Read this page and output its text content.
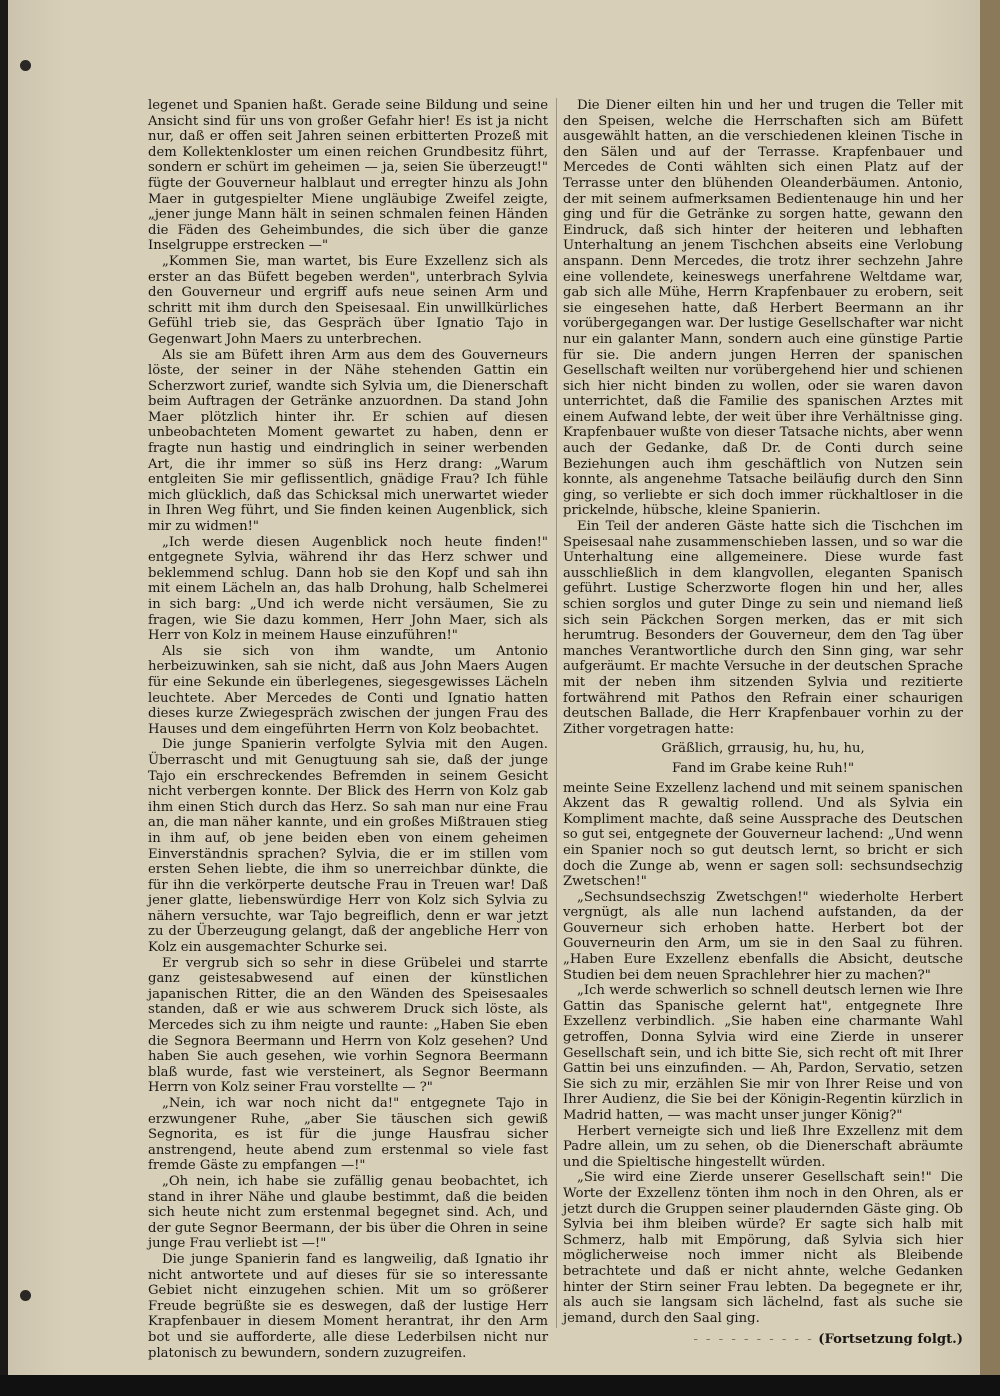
legenet und Spanien haßt. Gerade seine Bildung und seine Ansicht sind für uns von großer Gefahr hier! Es ist ja nicht nur, daß er offen seit Jahren seinen erbitterten Prozeß mit dem Kollektenkloster um einen reichen Grundbesitz führt, sondern er schürt im geheimen — ja, seien Sie überzeugt!" fügte der Gouverneur halblaut und erregter hinzu als John Maer in gutgespielter Miene ungläubige Zweifel zeigte, „jener junge Mann hält in seinen schmalen feinen Händen die Fäden des Geheimbundes, die sich über die ganze Inselgruppe erstrecken —"

„Kommen Sie, man wartet, bis Eure Exzellenz sich als erster an das Büfett begeben werden", unterbrach Sylvia den Gouverneur und ergriff aufs neue seinen Arm und schritt mit ihm durch den Speisesaal. Ein unwillkürliches Gefühl trieb sie, das Gespräch über Ignatio Tajo in Gegenwart John Maers zu unterbrechen.

Als sie am Büfett ihren Arm aus dem des Gouverneurs löste, der seiner in der Nähe stehenden Gattin ein Scherzwort zurief, wandte sich Sylvia um, die Dienerschaft beim Auftragen der Getränke anzuordnen. Da stand John Maer plötzlich hinter ihr. Er schien auf diesen unbeobachteten Moment gewartet zu haben, denn er fragte nun hastig und eindringlich in seiner werbenden Art, die ihr immer so süß ins Herz drang: „Warum entgleiten Sie mir geflissentlich, gnädige Frau? Ich fühle mich glücklich, daß das Schicksal mich unerwartet wieder in Ihren Weg führt, und Sie finden keinen Augenblick, sich mir zu widmen!"

„Ich werde diesen Augenblick noch heute finden!" entgegnete Sylvia, während ihr das Herz schwer und beklemmend schlug. Dann hob sie den Kopf und sah ihn mit einem Lächeln an, das halb Drohung, halb Schelmerei in sich barg: „Und ich werde nicht versäumen, Sie zu fragen, wie Sie dazu kommen, Herr John Maer, sich als Herr von Kolz in meinem Hause einzuführen!"

Als sie sich von ihm wandte, um Antonio herbeizuwinken, sah sie nicht, daß aus John Maers Augen für eine Sekunde ein überlegenes, siegesgewisses Lächeln leuchtete. Aber Mercedes de Conti und Ignatio hatten dieses kurze Zwiegespräch zwischen der jungen Frau des Hauses und dem eingeführten Herrn von Kolz beobachtet.

Die junge Spanierin verfolgte Sylvia mit den Augen. Überrascht und mit Genugtuung sah sie, daß der junge Tajo ein erschreckendes Befremden in seinem Gesicht nicht verbergen konnte. Der Blick des Herrn von Kolz gab ihm einen Stich durch das Herz. So sah man nur eine Frau an, die man näher kannte, und ein großes Mißtrauen stieg in ihm auf, ob jene beiden eben von einem geheimen Einverständnis sprachen? Sylvia, die er im stillen vom ersten Sehen liebte, die ihm so unerreichbar dünkte, die für ihn die verkörperte deutsche Frau in Treuen war! Daß jener glatte, liebenswürdige Herr von Kolz sich Sylvia zu nähern versuchte, war Tajo begreiflich, denn er war jetzt zu der Überzeugung gelangt, daß der angebliche Herr von Kolz ein ausgemachter Schurke sei.

Er vergrub sich so sehr in diese Grübelei und starrte ganz geistesabwesend auf einen der künstlichen japanischen Ritter, die an den Wänden des Speisesaales standen, daß er wie aus schwerem Druck sich löste, als Mercedes sich zu ihm neigte und raunte: „Haben Sie eben die Segnora Beermann und Herrn von Kolz gesehen? Und haben Sie auch gesehen, wie vorhin Segnora Beermann blaß wurde, fast wie versteinert, als Segnor Beermann Herrn von Kolz seiner Frau vorstellte — ?"

„Nein, ich war noch nicht da!" entgegnete Tajo in erzwungener Ruhe, „aber Sie täuschen sich gewiß Segnorita, es ist für die junge Hausfrau sicher anstrengend, heute abend zum erstenmal so viele fast fremde Gäste zu empfangen —!"

„Oh nein, ich habe sie zufällig genau beobachtet, ich stand in ihrer Nähe und glaube bestimmt, daß die beiden sich heute nicht zum erstenmal begegnet sind. Ach, und der gute Segnor Beermann, der bis über die Ohren in seine junge Frau verliebt ist —!"

Die junge Spanierin fand es langweilig, daß Ignatio ihr nicht antwortete und auf dieses für sie so interessante Gebiet nicht einzugehen schien. Mit um so größerer Freude begrüßte sie es deswegen, daß der lustige Herr Krapfenbauer in diesem Moment herantrat, ihr den Arm bot und sie aufforderte, alle diese Lederbilsen nicht nur platonisch zu bewundern, sondern zuzugreifen.

Die Diener eilten hin und her und trugen die Teller mit den Speisen, welche die Herrschaften sich am Büfett ausgewählt hatten, an die verschiedenen kleinen Tische in den Sälen und auf der Terrasse. Krapfenbauer und Mercedes de Conti wählten sich einen Platz auf der Terrasse unter den blühenden Oleanderbäumen. Antonio, der mit seinem aufmerksamen Bedientenauge hin und her ging und für die Getränke zu sorgen hatte, gewann den Eindruck, daß sich hinter der heiteren und lebhaften Unterhaltung an jenem Tischchen abseits eine Verlobung anspann. Denn Mercedes, die trotz ihrer sechzehn Jahre eine vollendete, keineswegs unerfahrene Weltdame war, gab sich alle Mühe, Herrn Krapfenbauer zu erobern, seit sie eingesehen hatte, daß Herbert Beermann an ihr vorübergegangen war. Der lustige Gesellschafter war nicht nur ein galanter Mann, sondern auch eine günstige Partie für sie. Die andern jungen Herren der spanischen Gesellschaft weilten nur vorübergehend hier und schienen sich hier nicht binden zu wollen, oder sie waren davon unterrichtet, daß die Familie des spanischen Arztes mit einem Aufwand lebte, der weit über ihre Verhältnisse ging. Krapfenbauer wußte von dieser Tatsache nichts, aber wenn auch der Gedanke, daß Dr. de Conti durch seine Beziehungen auch ihm geschäftlich von Nutzen sein konnte, als angenehme Tatsache beiläufig durch den Sinn ging, so verliebte er sich doch immer rückhaltloser in die prickelnde, hübsche, kleine Spanierin.

Ein Teil der anderen Gäste hatte sich die Tischchen im Speisesaal nahe zusammenschieben lassen, und so war die Unterhaltung eine allgemeinere. Diese wurde fast ausschließlich in dem klangvollen, eleganten Spanisch geführt. Lustige Scherzworte flogen hin und her, alles schien sorglos und guter Dinge zu sein und niemand ließ sich sein Päckchen Sorgen merken, das er mit sich herumtrug. Besonders der Gouverneur, dem den Tag über manches Verantwortliche durch den Sinn ging, war sehr aufgeräumt. Er machte Versuche in der deutschen Sprache mit der neben ihm sitzenden Sylvia und rezitierte fortwährend mit Pathos den Refrain einer schaurigen deutschen Ballade, die Herr Krapfenbauer vorhin zu der Zither vorgetragen hatte:

Gräßlich, grrausig, hu, hu, hu,

Fand im Grabe keine Ruh!"

meinte Seine Exzellenz lachend und mit seinem spanischen Akzent das R gewaltig rollend. Und als Sylvia ein Kompliment machte, daß seine Aussprache des Deutschen so gut sei, entgegnete der Gouverneur lachend: „Und wenn ein Spanier noch so gut deutsch lernt, so bricht er sich doch die Zunge ab, wenn er sagen soll: sechsundsechzig Zwetschen!"

„Sechsundsechszig Zwetschgen!" wiederholte Herbert vergnügt, als alle nun lachend aufstanden, da der Gouverneur sich erhoben hatte. Herbert bot der Gouverneurin den Arm, um sie in den Saal zu führen. „Haben Eure Exzellenz ebenfalls die Absicht, deutsche Studien bei dem neuen Sprachlehrer hier zu machen?"

„Ich werde schwerlich so schnell deutsch lernen wie Ihre Gattin das Spanische gelernt hat", entgegnete Ihre Exzellenz verbindlich. „Sie haben eine charmante Wahl getroffen, Donna Sylvia wird eine Zierde in unserer Gesellschaft sein, und ich bitte Sie, sich recht oft mit Ihrer Gattin bei uns einzufinden. — Ah, Pardon, Servatio, setzen Sie sich zu mir, erzählen Sie mir von Ihrer Reise und von Ihrer Audienz, die Sie bei der Königin-Regentin kürzlich in Madrid hatten, — was macht unser junger König?"

Herbert verneigte sich und ließ Ihre Exzellenz mit dem Padre allein, um zu sehen, ob die Dienerschaft abräumte und die Spieltische hingestellt würden.

„Sie wird eine Zierde unserer Gesellschaft sein!" Die Worte der Exzellenz tönten ihm noch in den Ohren, als er jetzt durch die Gruppen seiner plaudernden Gäste ging. Ob Sylvia bei ihm bleiben würde? Er sagte sich halb mit Schmerz, halb mit Empörung, daß Sylvia sich hier möglicherweise noch immer nicht als Bleibende betrachtete und daß er nicht ahnte, welche Gedanken hinter der Stirn seiner Frau lebten. Da begegnete er ihr, als auch sie langsam sich lächelnd, fast als suche sie jemand, durch den Saal ging.

- - - - - - - - - - (Fortsetzung folgt.)
